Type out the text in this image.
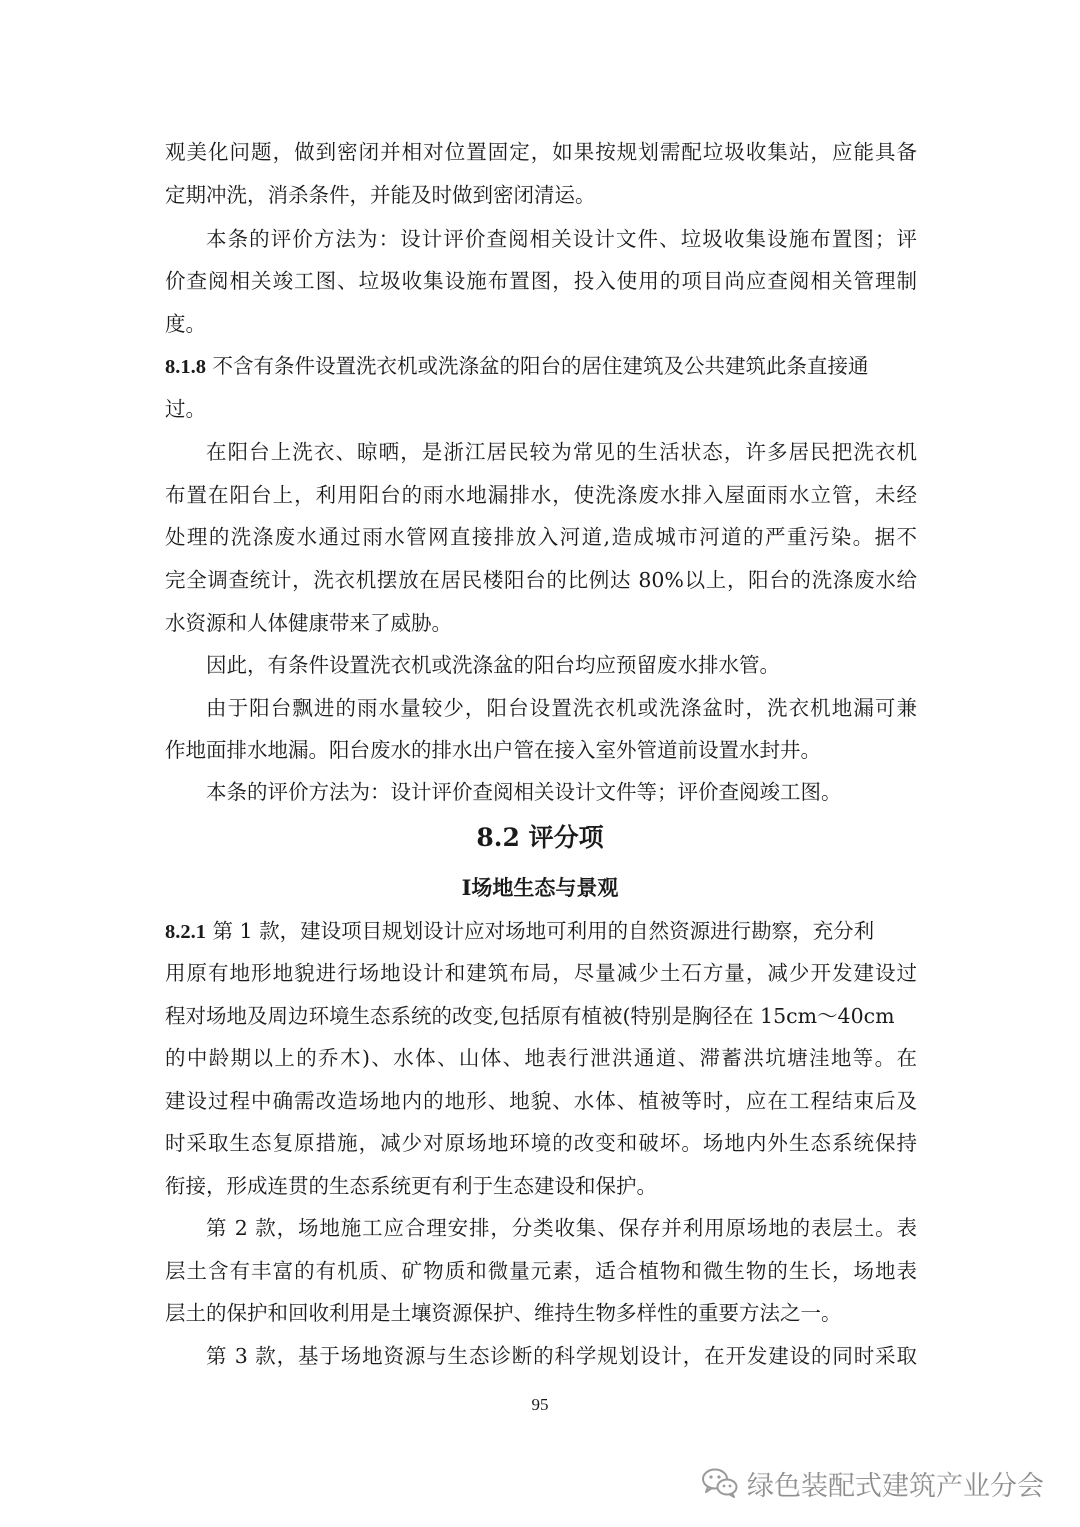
观美化问题，做到密闭并相对位置固定，如果按规划需配垃圾收集站，应能具备
定期冲洗，消杀条件，并能及时做到密闭清运。
本条的评价方法为：设计评价查阅相关设计文件、垃圾收集设施布置图；评
价查阅相关竣工图、垃圾收集设施布置图，投入使用的项目尚应查阅相关管理制
度。
8.1.8 不含有条件设置洗衣机或洗涤盆的阳台的居住建筑及公共建筑此条直接通
过。
在阳台上洗衣、晾晒，是浙江居民较为常见的生活状态，许多居民把洗衣机
布置在阳台上，利用阳台的雨水地漏排水，使洗涤废水排入屋面雨水立管，未经
处理的洗涤废水通过雨水管网直接排放入河道,造成城市河道的严重污染。据不
完全调查统计，洗衣机摆放在居民楼阳台的比例达 80%以上，阳台的洗涤废水给
水资源和人体健康带来了威胁。
因此，有条件设置洗衣机或洗涤盆的阳台均应预留废水排水管。
由于阳台飘进的雨水量较少，阳台设置洗衣机或洗涤盆时，洗衣机地漏可兼
作地面排水地漏。阳台废水的排水出户管在接入室外管道前设置水封井。
本条的评价方法为：设计评价查阅相关设计文件等；评价查阅竣工图。
8.2 评分项
Ⅰ场地生态与景观
8.2.1 第 1 款，建设项目规划设计应对场地可利用的自然资源进行勘察，充分利
用原有地形地貌进行场地设计和建筑布局，尽量减少土石方量，减少开发建设过
程对场地及周边环境生态系统的改变,包括原有植被(特别是胸径在 15cm～40cm
的中龄期以上的乔木)、水体、山体、地表行泄洪通道、滞蓄洪坑塘洼地等。在
建设过程中确需改造场地内的地形、地貌、水体、植被等时，应在工程结束后及
时采取生态复原措施，减少对原场地环境的改变和破坏。场地内外生态系统保持
衔接，形成连贯的生态系统更有利于生态建设和保护。
第 2 款，场地施工应合理安排，分类收集、保存并利用原场地的表层土。表
层土含有丰富的有机质、矿物质和微量元素，适合植物和微生物的生长，场地表
层土的保护和回收利用是土壤资源保护、维持生物多样性的重要方法之一。
第 3 款，基于场地资源与生态诊断的科学规划设计，在开发建设的同时采取
95
绿色装配式建筑产业分会
